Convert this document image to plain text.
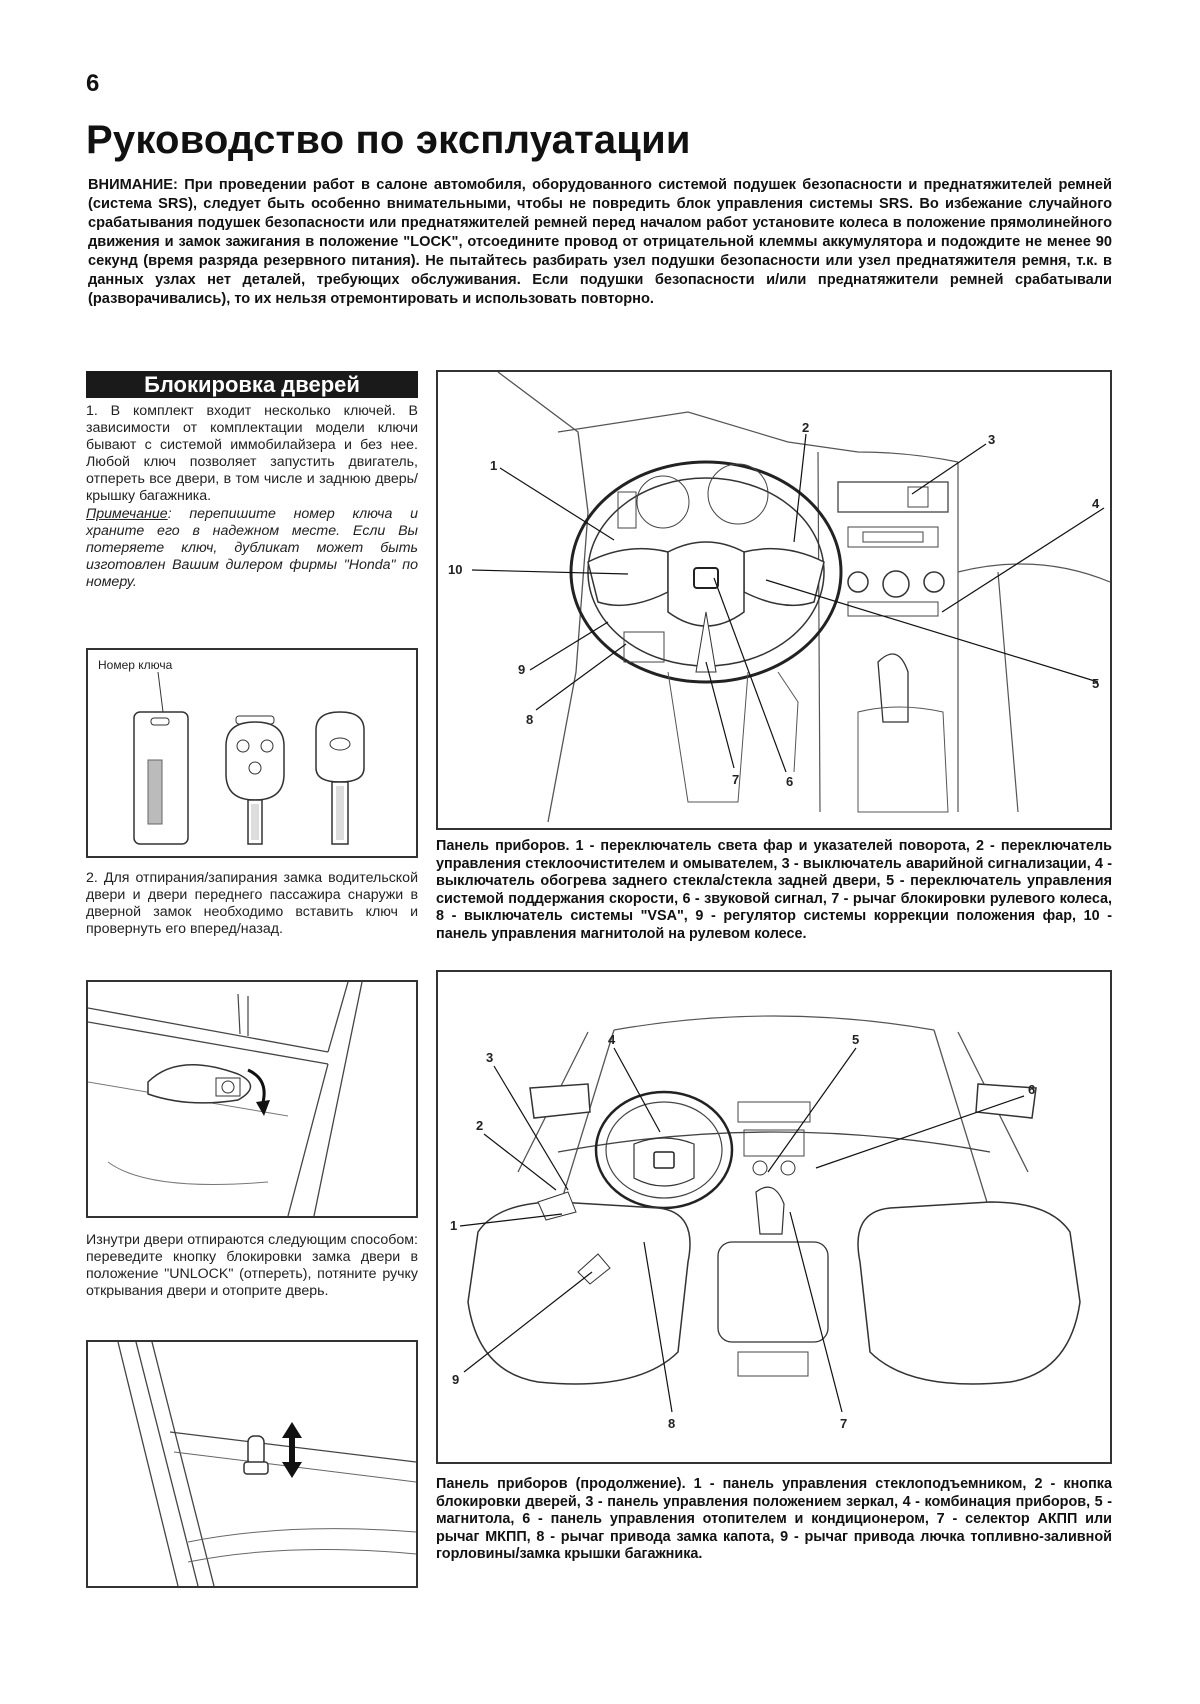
6
Руководство по эксплуатации
ВНИМАНИЕ: При проведении работ в салоне автомобиля, оборудованного системой подушек безопасности и преднатяжителей ремней (система SRS), следует быть особенно внимательными, чтобы не повредить блок управления системы SRS. Во избежание случайного срабатывания подушек безопасности или преднатяжителей ремней перед началом работ установите колеса в положение прямолинейного движения и замок зажигания в положение "LOCK", отсоедините провод от отрицательной клеммы аккумулятора и подождите не менее 90 секунд (время разряда резервного питания). Не пытайтесь разбирать узел подушки безопасности или узел преднатяжителя ремня, т.к. в данных узлах нет деталей, требующих обслуживания. Если подушки безопасности и/или преднатяжители ремней срабатывали (разворачивались), то их нельзя отремонтировать и использовать повторно.
Блокировка дверей
1. В комплект входит несколько ключей. В зависимости от комплектации модели ключи бывают с системой иммобилайзера и без нее. Любой ключ позволяет запустить двигатель, отпереть все двери, в том числе и заднюю дверь/крышку багажника.
Примечание: перепишите номер ключа и храните его в надежном месте. Если Вы потеряете ключ, дубликат может быть изготовлен Вашим дилером фирмы "Honda" по номеру.
Номер ключа
2. Для отпирания/запирания замка водительской двери и двери переднего пассажира снаружи в дверной замок необходимо вставить ключ и провернуть его вперед/назад.
Изнутри двери отпираются следующим способом: переведите кнопку блокировки замка двери в положение "UNLOCK" (отпереть), потяните ручку открывания двери и отоприте дверь.
1
2
3
4
5
6
7
8
9
10
Панель приборов. 1 - переключатель света фар и указателей поворота, 2 - переключатель управления стеклоочистителем и омывателем, 3 - выключатель аварийной сигнализации, 4 - выключатель обогрева заднего стекла/стекла задней двери, 5 - переключатель управления системой поддержания скорости, 6 - звуковой сигнал, 7 - рычаг блокировки рулевого колеса, 8 - выключатель системы "VSA", 9 - регулятор системы коррекции положения фар, 10 - панель управления магнитолой на рулевом колесе.
1
2
3
4	5
6
7
8
9
Панель приборов (продолжение). 1 - панель управления стеклоподъемником, 2 - кнопка блокировки дверей, 3 - панель управления положением зеркал, 4 - комбинация приборов, 5 - магнитола, 6 - панель управления отопителем и кондиционером, 7 - селектор АКПП или рычаг МКПП, 8 - рычаг привода замка капота, 9 - рычаг привода лючка топливно-заливной горловины/замка крышки багажника.
